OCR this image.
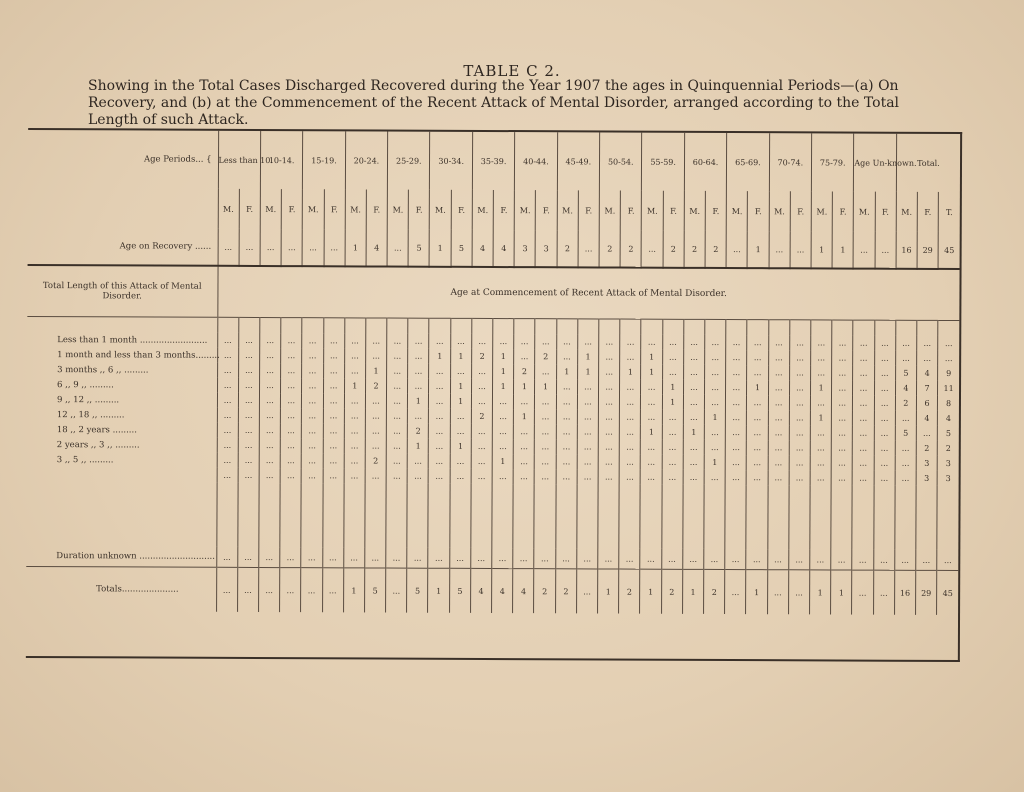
TABLE C 2.
Showing in the Total Cases Discharged Recovered during the Year 1907 the ages in Quinquennial Periods—(a) On Recovery, and (b) at the Commencement of the Recent Attack of Mental Disorder, arranged according to the Total Length of such Attack.
Age Periods... {	Less than 10.		10-14.		15-19.		20-24.		25-29.		30-34.		35-39.		40-44.		45-49.		50-54.		55-59.		60-64.		65-69.		70-74.		75-79.		Age Un-known.		Total.		
	M.	F.	M.	F.	M.	F.	M.	F.	M.	F.	M.	F.	M.	F.	M.	F.	M.	F.	M.	F.	M.	F.	M.	F.	M.	F.	M.	F.	M.	F.	M.	F.	M.	F.	T.
Age on Recovery ......	...	...	...	...	...	...	1	4	...	5	1	5	4	4	3	3	2	...	2	2	...	2	2	2	...	1	...	...	1	1	...	...	16	29	45
Total Length of this Attack of Mental Disorder.	Age at Commencement of Recent Attack of Mental Disorder.																																		

Less than 1 month .........................	...	...	...	...	...	...	...	...	...	...	...	...	...	...	...	...	...	...	...	...	...	...	...	...	...	...	...	...	...	...	...	...	...	...	...
1 month and less than 3 months.........	...	...	...	...	...	...	...	...	...	...	1	1	2	1	...	2	...	1	...	...	1	...	...	...	...	...	...	...	...	...	...	...	...	...	...
3 months ,, 6 ,, .........	...	...	...	...	...	...	...	1	...	...	...	...	...	1	2	...	1	1	...	1	1	...	...	...	...	...	...	...	...	...	...	...	5	4	9
6 ,, 9 ,, .........	...	...	...	...	...	...	1	2	...	...	...	1	...	1	1	1	...	...	...	...	...	1	...	...	...	1	...	...	1	...	...	...	4	7	11
9 ,, 12 ,, .........	...	...	...	...	...	...	...	...	...	1	...	1	...	...	...	...	...	...	...	...	...	1	...	...	...	...	...	...	...	...	...	...	2	6	8
12 ,, 18 ,, .........	...	...	...	...	...	...	...	...	...	...	...	...	2	...	1	...	...	...	...	...	...	...	...	1	...	...	...	...	1	...	...	...	...	4	4
18 ,, 2 years .........	...	...	...	...	...	...	...	...	...	2	...	...	...	...	...	...	...	...	...	...	1	...	1	...	...	...	...	...	...	...	...	...	5	...	5
2 years ,, 3 ,, .........	...	...	...	...	...	...	...	...	...	1	...	1	...	...	...	...	...	...	...	...	...	...	...	...	...	...	...	...	...	...	...	...	...	2	2
3 ,, 5 ,, .........	...	...	...	...	...	...	...	2	...	...	...	...	...	1	...	...	...	...	...	...	...	...	...	1	...	...	...	...	...	...	...	...	...	3	3
	...	...	...	...	...	...	...	...	...	...	...	...	...	...	...	...	...	...	...	...	...	...	...	...	...	...	...	...	...	...	...	...	...	3	3

Duration unknown ............................	...	...	...	...	...	...	...	...	...	...	...	...	...	...	...	...	...	...	...	...	...	...	...	...	...	...	...	...	...	...	...	...	...	...	...
Totals.....................	...	...	...	...	...	...	1	5	...	5	1	5	4	4	4	2	2	...	1	2	1	2	1	2	...	1	...	...	1	1	...	...	16	29	45
